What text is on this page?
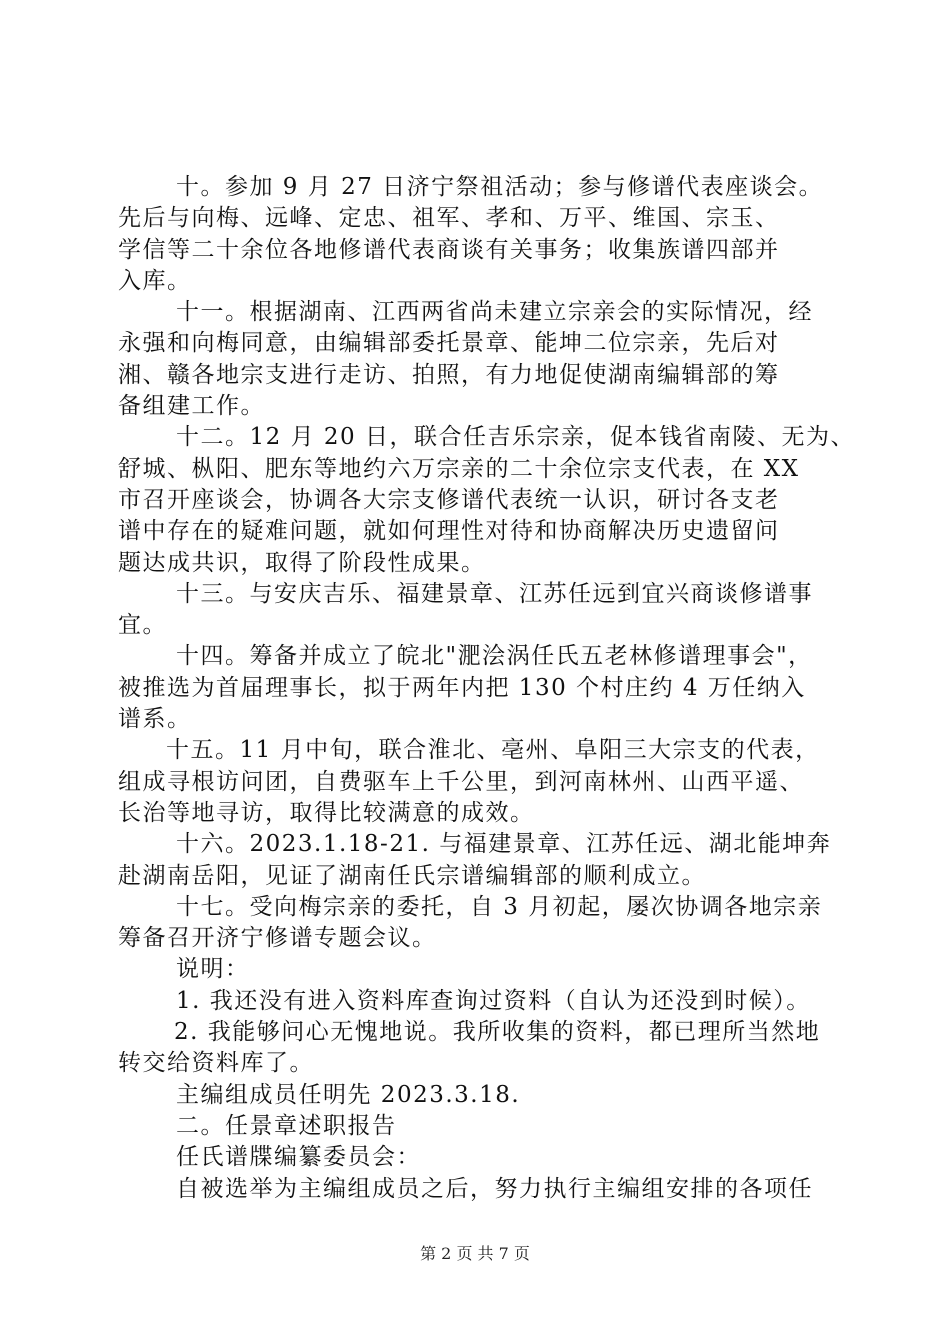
十。参加 9 月 27 日济宁祭祖活动；参与修谱代表座谈会。
先后与向梅、远峰、定忠、祖军、孝和、万平、维国、宗玉、
学信等二十余位各地修谱代表商谈有关事务；收集族谱四部并
入库。
十一。根据湖南、江西两省尚未建立宗亲会的实际情况，经
永强和向梅同意，由编辑部委托景章、能坤二位宗亲，先后对
湘、赣各地宗支进行走访、拍照，有力地促使湖南编辑部的筹
备组建工作。
十二。12 月 20 日，联合任吉乐宗亲，促本钱省南陵、无为、
舒城、枞阳、肥东等地约六万宗亲的二十余位宗支代表，在 XX
市召开座谈会，协调各大宗支修谱代表统一认识，研讨各支老
谱中存在的疑难问题，就如何理性对待和协商解决历史遗留问
题达成共识，取得了阶段性成果。
十三。与安庆吉乐、福建景章、江苏任远到宜兴商谈修谱事
宜。
十四。筹备并成立了皖北"淝浍涡任氏五老林修谱理事会"，
被推选为首届理事长，拟于两年内把 130 个村庄约 4 万任纳入
谱系。
十五。11 月中旬，联合淮北、亳州、阜阳三大宗支的代表，
组成寻根访问团，自费驱车上千公里，到河南林州、山西平遥、
长治等地寻访，取得比较满意的成效。
十六。2023.1.18-21. 与福建景章、江苏任远、湖北能坤奔
赴湖南岳阳，见证了湖南任氏宗谱编辑部的顺利成立。
十七。受向梅宗亲的委托，自 3 月初起，屡次协调各地宗亲
筹备召开济宁修谱专题会议。
说明：
1. 我还没有进入资料库查询过资料（自认为还没到时候）。
2. 我能够问心无愧地说。我所收集的资料，都已理所当然地
转交给资料库了。
主编组成员任明先 2023.3.18.
二。任景章述职报告
任氏谱牒编纂委员会：
自被选举为主编组成员之后，努力执行主编组安排的各项任
第 2 页 共 7 页
